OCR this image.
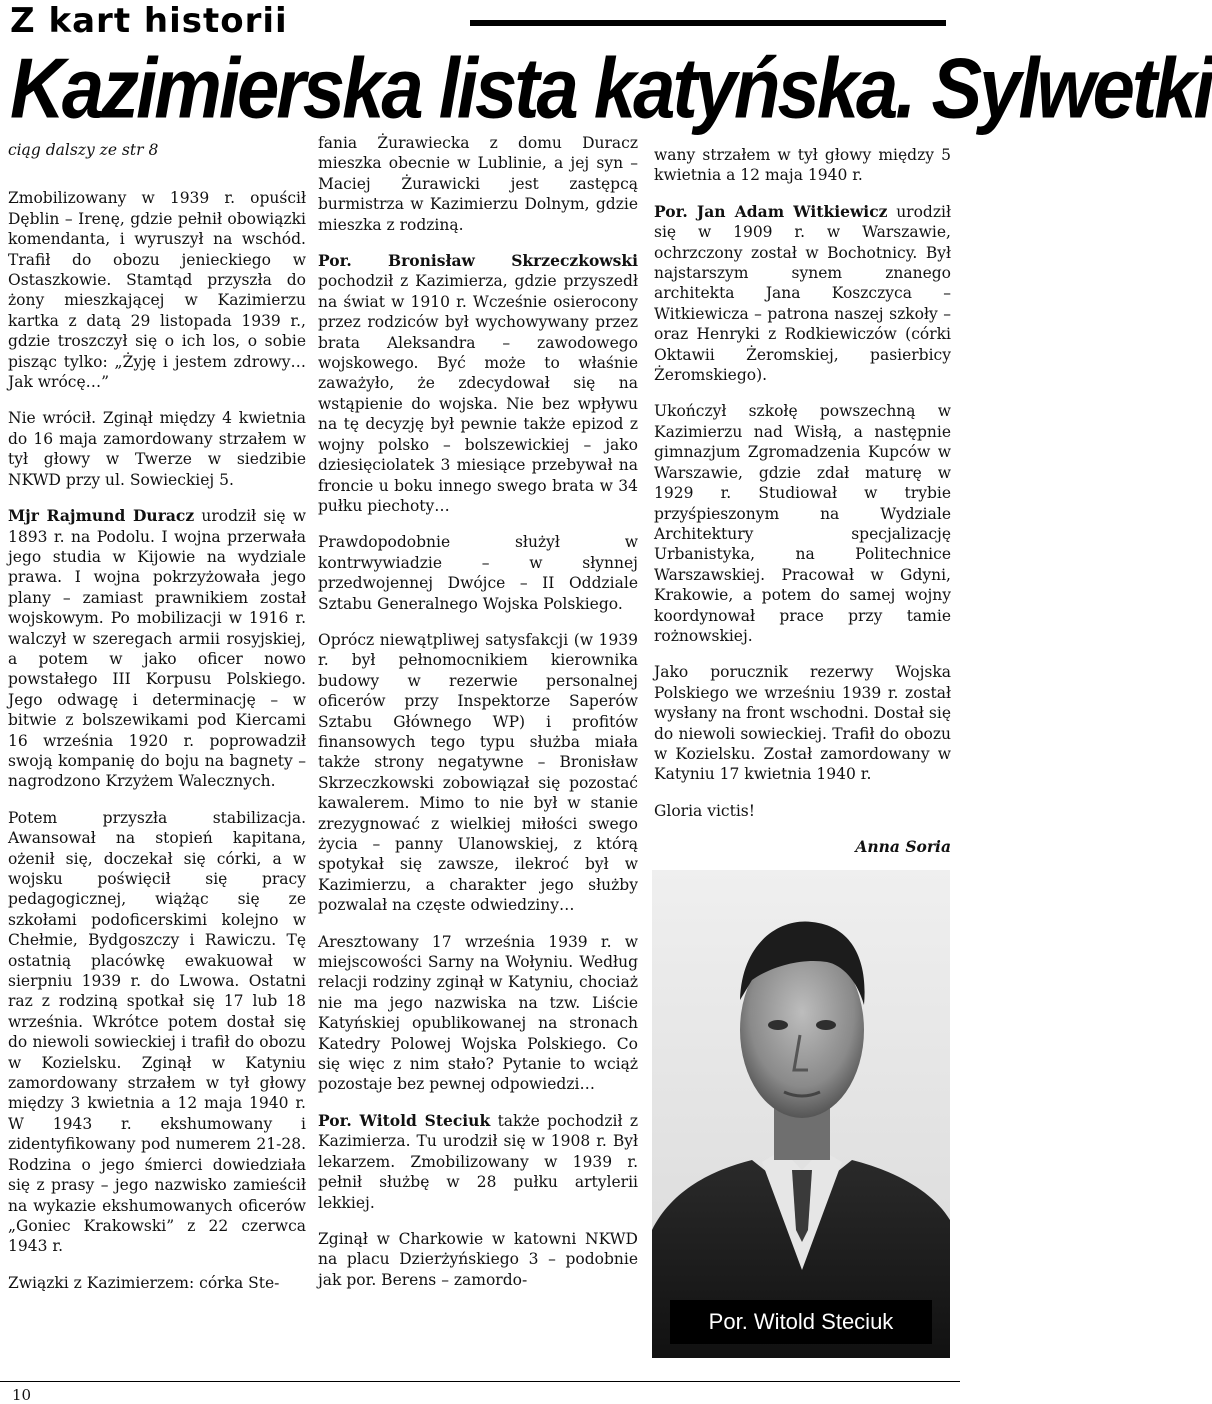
Z kart historii
Kazimierska lista katyńska. Sylwetki

ciąg dalszy ze str 8

Zmobilizowany w 1939 r. opuścił Dęblin – Irenę, gdzie pełnił obowiązki komendanta, i wyruszył na wschód. Trafił do obozu jenieckiego w Ostaszkowie. Stamtąd przyszła do żony mieszkającej w Kazimierzu kartka z datą 29 listopada 1939 r., gdzie troszczył się o ich los, o sobie pisząc tylko: „Żyję i jestem zdrowy… Jak wrócę…”

Nie wrócił. Zginął między 4 kwietnia do 16 maja zamordowany strzałem w tył głowy w Twerze w siedzibie NKWD przy ul. Sowieckiej 5.

Mjr Rajmund Duracz urodził się w 1893 r. na Podolu. I wojna przerwała jego studia w Kijowie na wydziale prawa. I wojna pokrzyżowała jego plany – zamiast prawnikiem został wojskowym. Po mobilizacji w 1916 r. walczył w szeregach armii rosyjskiej, a potem w jako oficer nowo powstałego III Korpusu Polskiego. Jego odwagę i determinację – w bitwie z bolszewikami pod Kiercami 16 września 1920 r. poprowadził swoją kompanię do boju na bagnety – nagrodzono Krzyżem Walecznych.

Potem przyszła stabilizacja. Awansował na stopień kapitana, ożenił się, doczekał się córki, a w wojsku poświęcił się pracy pedagogicznej, wiążąc się ze szkołami podoficerskimi kolejno w Chełmie, Bydgoszczy i Rawiczu. Tę ostatnią placówkę ewakuował w sierpniu 1939 r. do Lwowa. Ostatni raz z rodziną spotkał się 17 lub 18 września. Wkrótce potem dostał się do niewoli sowieckiej i trafił do obozu w Kozielsku. Zginął w Katyniu zamordowany strzałem w tył głowy między 3 kwietnia a 12 maja 1940 r. W 1943 r. ekshumowany i zidentyfikowany pod numerem 21-28. Rodzina o jego śmierci dowiedziała się z prasy – jego nazwisko zamieścił na wykazie ekshumowanych oficerów „Goniec Krakowski” z 22 czerwca 1943 r.

Związki z Kazimierzem: córka Ste-

fania Żurawiecka z domu Duracz mieszka obecnie w Lublinie, a jej syn – Maciej Żurawicki jest zastępcą burmistrza w Kazimierzu Dolnym, gdzie mieszka z rodziną.

Por. Bronisław Skrzeczkowski pochodził z Kazimierza, gdzie przyszedł na świat w 1910 r. Wcześnie osierocony przez rodziców był wychowywany przez brata Aleksandra – zawodowego wojskowego. Być może to właśnie zaważyło, że zdecydował się na wstąpienie do wojska. Nie bez wpływu na tę decyzję był pewnie także epizod z wojny polsko – bolszewickiej – jako dziesięciolatek 3 miesiące przebywał na froncie u boku innego swego brata w 34 pułku piechoty…

Prawdopodobnie służył w kontrwywiadzie – w słynnej przedwojennej Dwójce – II Oddziale Sztabu Generalnego Wojska Polskiego.

Oprócz niewątpliwej satysfakcji (w 1939 r. był pełnomocnikiem kierownika budowy w rezerwie personalnej oficerów przy Inspektorze Saperów Sztabu Głównego WP) i profitów finansowych tego typu służba miała także strony negatywne – Bronisław Skrzeczkowski zobowiązał się pozostać kawalerem. Mimo to nie był w stanie zrezygnować z wielkiej miłości swego życia – panny Ulanowskiej, z którą spotykał się zawsze, ilekroć był w Kazimierzu, a charakter jego służby pozwalał na częste odwiedziny…

Aresztowany 17 września 1939 r. w miejscowości Sarny na Wołyniu. Według relacji rodziny zginął w Katyniu, chociaż nie ma jego nazwiska na tzw. Liście Katyńskiej opublikowanej na stronach Katedry Polowej Wojska Polskiego. Co się więc z nim stało? Pytanie to wciąż pozostaje bez pewnej odpowiedzi…

Por. Witold Steciuk także pochodził z Kazimierza. Tu urodził się w 1908 r. Był lekarzem. Zmobilizowany w 1939 r. pełnił służbę w 28 pułku artylerii lekkiej.

Zginął w Charkowie w katowni NKWD na placu Dzierżyńskiego 3 – podobnie jak por. Berens – zamordo-

wany strzałem w tył głowy między 5 kwietnia a 12 maja 1940 r.

Por. Jan Adam Witkiewicz urodził się w 1909 r. w Warszawie, ochrzczony został w Bochotnicy. Był najstarszym synem znanego architekta Jana Koszczyca – Witkiewicza – patrona naszej szkoły – oraz Henryki z Rodkiewiczów (córki Oktawii Żeromskiej, pasierbicy Żeromskiego).

Ukończył szkołę powszechną w Kazimierzu nad Wisłą, a następnie gimnazjum Zgromadzenia Kupców w Warszawie, gdzie zdał maturę w 1929 r. Studiował w trybie przyśpieszonym na Wydziale Architektury specjalizację Urbanistyka, na Politechnice Warszawskiej. Pracował w Gdyni, Krakowie, a potem do samej wojny koordynował prace przy tamie rożnowskiej.

Jako porucznik rezerwy Wojska Polskiego we wrześniu 1939 r. został wysłany na front wschodni. Dostał się do niewoli sowieckiej. Trafił do obozu w Kozielsku. Został zamordowany w Katyniu 17 kwietnia 1940 r.

Gloria victis!

Anna Soria

Por. Witold Steciuk
10
